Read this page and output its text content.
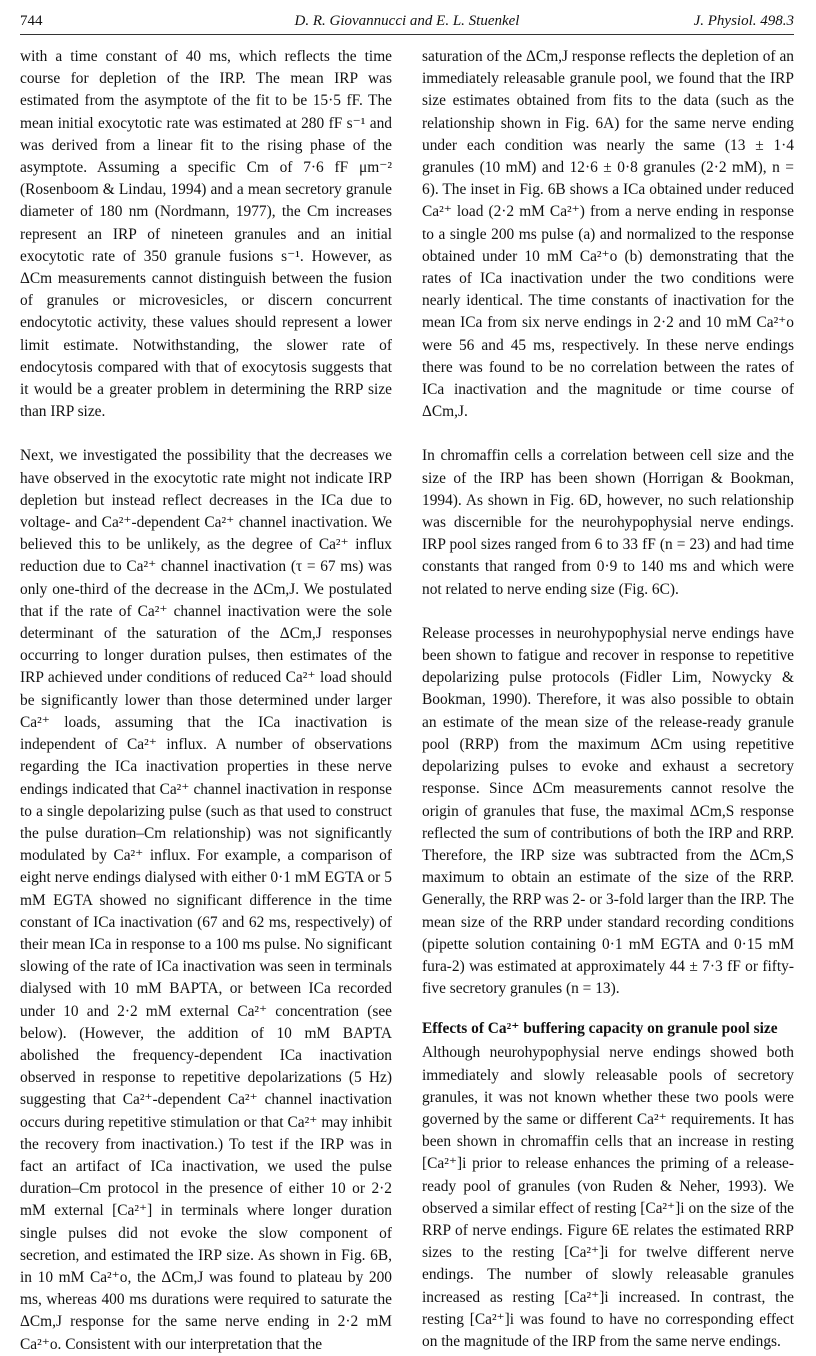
744	D. R. Giovannucci and E. L. Stuenkel	J. Physiol. 498.3

with a time constant of 40 ms, which reflects the time course for depletion of the IRP. The mean IRP was estimated from the asymptote of the fit to be 15·5 fF. The mean initial exocytotic rate was estimated at 280 fF s⁻¹ and was derived from a linear fit to the rising phase of the asymptote. Assuming a specific Cm of 7·6 fF μm⁻² (Rosenboom & Lindau, 1994) and a mean secretory granule diameter of 180 nm (Nordmann, 1977), the Cm increases represent an IRP of nineteen granules and an initial exocytotic rate of 350 granule fusions s⁻¹. However, as ΔCm measurements cannot distinguish between the fusion of granules or microvesicles, or discern concurrent endocytotic activity, these values should represent a lower limit estimate. Notwithstanding, the slower rate of endocytosis compared with that of exocytosis suggests that it would be a greater problem in determining the RRP size than IRP size.

Next, we investigated the possibility that the decreases we have observed in the exocytotic rate might not indicate IRP depletion but instead reflect decreases in the ICa due to voltage- and Ca²⁺-dependent Ca²⁺ channel inactivation. We believed this to be unlikely, as the degree of Ca²⁺ influx reduction due to Ca²⁺ channel inactivation (τ = 67 ms) was only one-third of the decrease in the ΔCm,J. We postulated that if the rate of Ca²⁺ channel inactivation were the sole determinant of the saturation of the ΔCm,J responses occurring to longer duration pulses, then estimates of the IRP achieved under conditions of reduced Ca²⁺ load should be significantly lower than those determined under larger Ca²⁺ loads, assuming that the ICa inactivation is independent of Ca²⁺ influx. A number of observations regarding the ICa inactivation properties in these nerve endings indicated that Ca²⁺ channel inactivation in response to a single depolarizing pulse (such as that used to construct the pulse duration–Cm relationship) was not significantly modulated by Ca²⁺ influx. For example, a comparison of eight nerve endings dialysed with either 0·1 mM EGTA or 5 mM EGTA showed no significant difference in the time constant of ICa inactivation (67 and 62 ms, respectively) of their mean ICa in response to a 100 ms pulse. No significant slowing of the rate of ICa inactivation was seen in terminals dialysed with 10 mM BAPTA, or between ICa recorded under 10 and 2·2 mM external Ca²⁺ concentration (see below). (However, the addition of 10 mM BAPTA abolished the frequency-dependent ICa inactivation observed in response to repetitive depolarizations (5 Hz) suggesting that Ca²⁺-dependent Ca²⁺ channel inactivation occurs during repetitive stimulation or that Ca²⁺ may inhibit the recovery from inactivation.) To test if the IRP was in fact an artifact of ICa inactivation, we used the pulse duration–Cm protocol in the presence of either 10 or 2·2 mM external [Ca²⁺] in terminals where longer duration single pulses did not evoke the slow component of secretion, and estimated the IRP size. As shown in Fig. 6B, in 10 mM Ca²⁺o, the ΔCm,J was found to plateau by 200 ms, whereas 400 ms durations were required to saturate the ΔCm,J response for the same nerve ending in 2·2 mM Ca²⁺o. Consistent with our interpretation that the

saturation of the ΔCm,J response reflects the depletion of an immediately releasable granule pool, we found that the IRP size estimates obtained from fits to the data (such as the relationship shown in Fig. 6A) for the same nerve ending under each condition was nearly the same (13 ± 1·4 granules (10 mM) and 12·6 ± 0·8 granules (2·2 mM), n = 6). The inset in Fig. 6B shows a ICa obtained under reduced Ca²⁺ load (2·2 mM Ca²⁺) from a nerve ending in response to a single 200 ms pulse (a) and normalized to the response obtained under 10 mM Ca²⁺o (b) demonstrating that the rates of ICa inactivation under the two conditions were nearly identical. The time constants of inactivation for the mean ICa from six nerve endings in 2·2 and 10 mM Ca²⁺o were 56 and 45 ms, respectively. In these nerve endings there was found to be no correlation between the rates of ICa inactivation and the magnitude or time course of ΔCm,J.

In chromaffin cells a correlation between cell size and the size of the IRP has been shown (Horrigan & Bookman, 1994). As shown in Fig. 6D, however, no such relationship was discernible for the neurohypophysial nerve endings. IRP pool sizes ranged from 6 to 33 fF (n = 23) and had time constants that ranged from 0·9 to 140 ms and which were not related to nerve ending size (Fig. 6C).

Release processes in neurohypophysial nerve endings have been shown to fatigue and recover in response to repetitive depolarizing pulse protocols (Fidler Lim, Nowycky & Bookman, 1990). Therefore, it was also possible to obtain an estimate of the mean size of the release-ready granule pool (RRP) from the maximum ΔCm using repetitive depolarizing pulses to evoke and exhaust a secretory response. Since ΔCm measurements cannot resolve the origin of granules that fuse, the maximal ΔCm,S response reflected the sum of contributions of both the IRP and RRP. Therefore, the IRP size was subtracted from the ΔCm,S maximum to obtain an estimate of the size of the RRP. Generally, the RRP was 2- or 3-fold larger than the IRP. The mean size of the RRP under standard recording conditions (pipette solution containing 0·1 mM EGTA and 0·15 mM fura-2) was estimated at approximately 44 ± 7·3 fF or fifty-five secretory granules (n = 13).

Effects of Ca²⁺ buffering capacity on granule pool size

Although neurohypophysial nerve endings showed both immediately and slowly releasable pools of secretory granules, it was not known whether these two pools were governed by the same or different Ca²⁺ requirements. It has been shown in chromaffin cells that an increase in resting [Ca²⁺]i prior to release enhances the priming of a release-ready pool of granules (von Ruden & Neher, 1993). We observed a similar effect of resting [Ca²⁺]i on the size of the RRP of nerve endings. Figure 6E relates the estimated RRP sizes to the resting [Ca²⁺]i for twelve different nerve endings. The number of slowly releasable granules increased as resting [Ca²⁺]i increased. In contrast, the resting [Ca²⁺]i was found to have no corresponding effect on the magnitude of the IRP from the same nerve endings.
